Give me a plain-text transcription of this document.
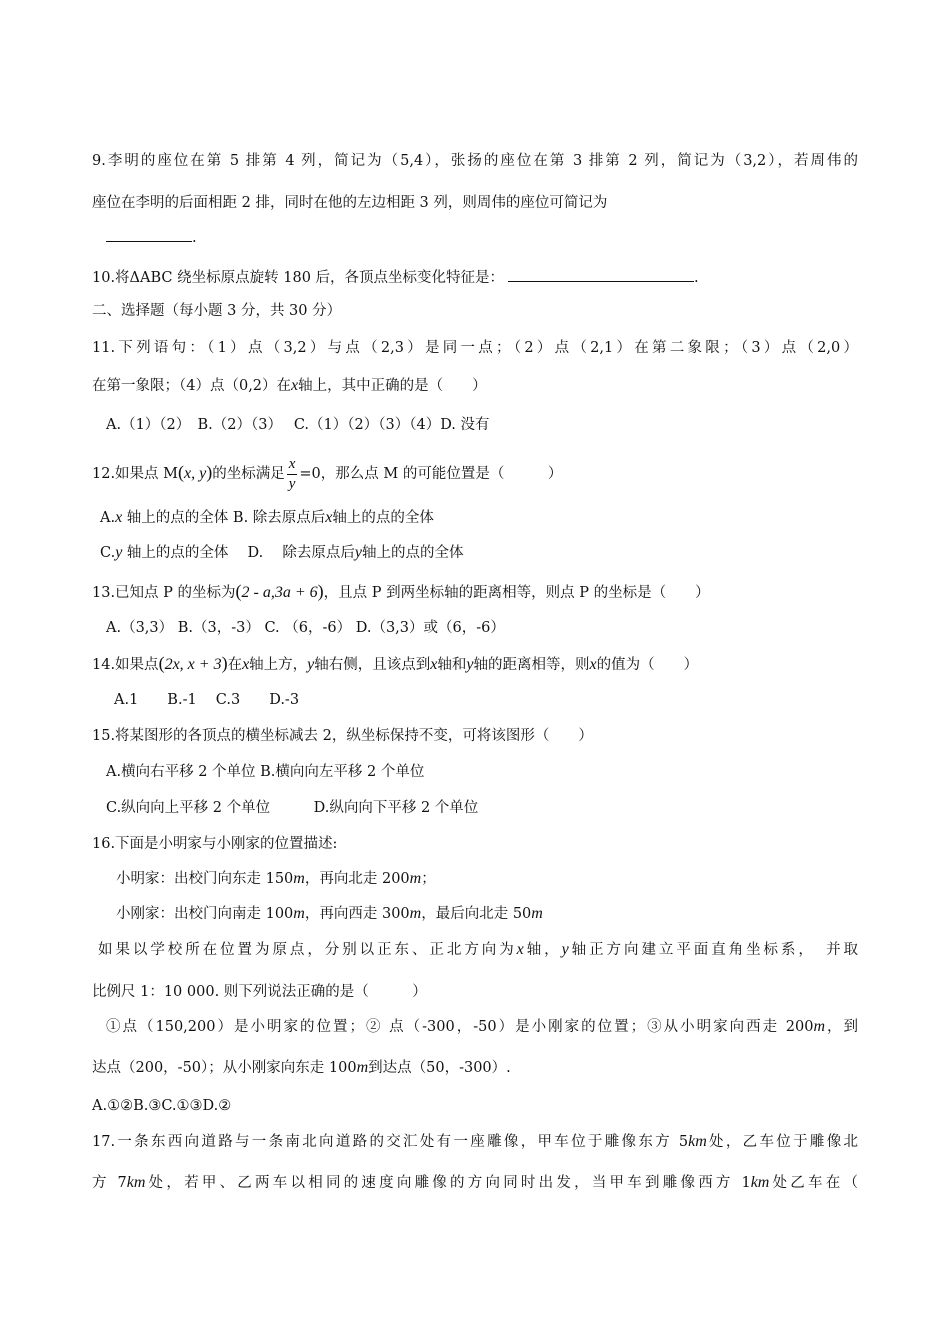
9.李明的座位在第 5 排第 4 列，简记为（5,4），张扬的座位在第 3 排第 2 列，简记为（3,2），若周伟的
座位在李明的后面相距 2 排，同时在他的左边相距 3 列，则周伟的座位可简记为
.
10.将ΔABC 绕坐标原点旋转 180 后，各顶点坐标变化特征是：	.
二、选择题（每小题 3 分，共 30 分）
11.下列语句：（1）点（3,2）与点（2,3）是同一点；（2）点（2,1）在第二象限；（3）点（2,0）
在第一象限；（4）点（0,2）在x轴上，其中正确的是（　　）
A.（1）（2）　B.（2）（3）　 C.（1）（2）（3）（4）D. 没有
12.如果点 M(x, y)的坐标满足 $\frac{x}{y} =0$，那么点 M 的可能位置是（　　　）
A.x 轴上的点的全体 B. 除去原点后x轴上的点的全体
C.y 轴上的点的全体　 D.　 除去原点后y轴上的点的全体
13.已知点 P 的坐标为(2 - a,3a + 6)，且点 P 到两坐标轴的距离相等，则点 P 的坐标是（　　）
A.（3,3） B.（3，-3） C. （6，-6） D.（3,3）或（6，-6）
14.如果点(2x, x + 3)在x轴上方，y轴右侧，且该点到x轴和y轴的距离相等，则x的值为（　　）
A.1　　B.-1　 C.3　　D.-3
15.将某图形的各顶点的横坐标减去 2，纵坐标保持不变，可将该图形（　　）
A.横向右平移 2 个单位 B.横向向左平移 2 个单位
C.纵向向上平移 2 个单位　　　D.纵向向下平移 2 个单位
16.下面是小明家与小刚家的位置描述:
小明家：出校门向东走 150m，再向北走 200m；
小刚家：出校门向南走 100m，再向西走 300m，最后向北走 50m
如果以学校所在位置为原点，分别以正东、正北方向为x轴，y轴正方向建立平面直角坐标系，　并取
比例尺 1：10 000. 则下列说法正确的是（　　　）
①点（150,200）是小明家的位置；② 点（-300，-50）是小刚家的位置；③从小明家向西走 200m，到
达点（200，-50）；从小刚家向东走 100m到达点（50，-300）.
A.①②B.③C.①③D.②
17.一条东西向道路与一条南北向道路的交汇处有一座雕像，甲车位于雕像东方 5km处，乙车位于雕像北
方 7km处，若甲、乙两车以相同的速度向雕像的方向同时出发，当甲车到雕像西方 1km处乙车在（
